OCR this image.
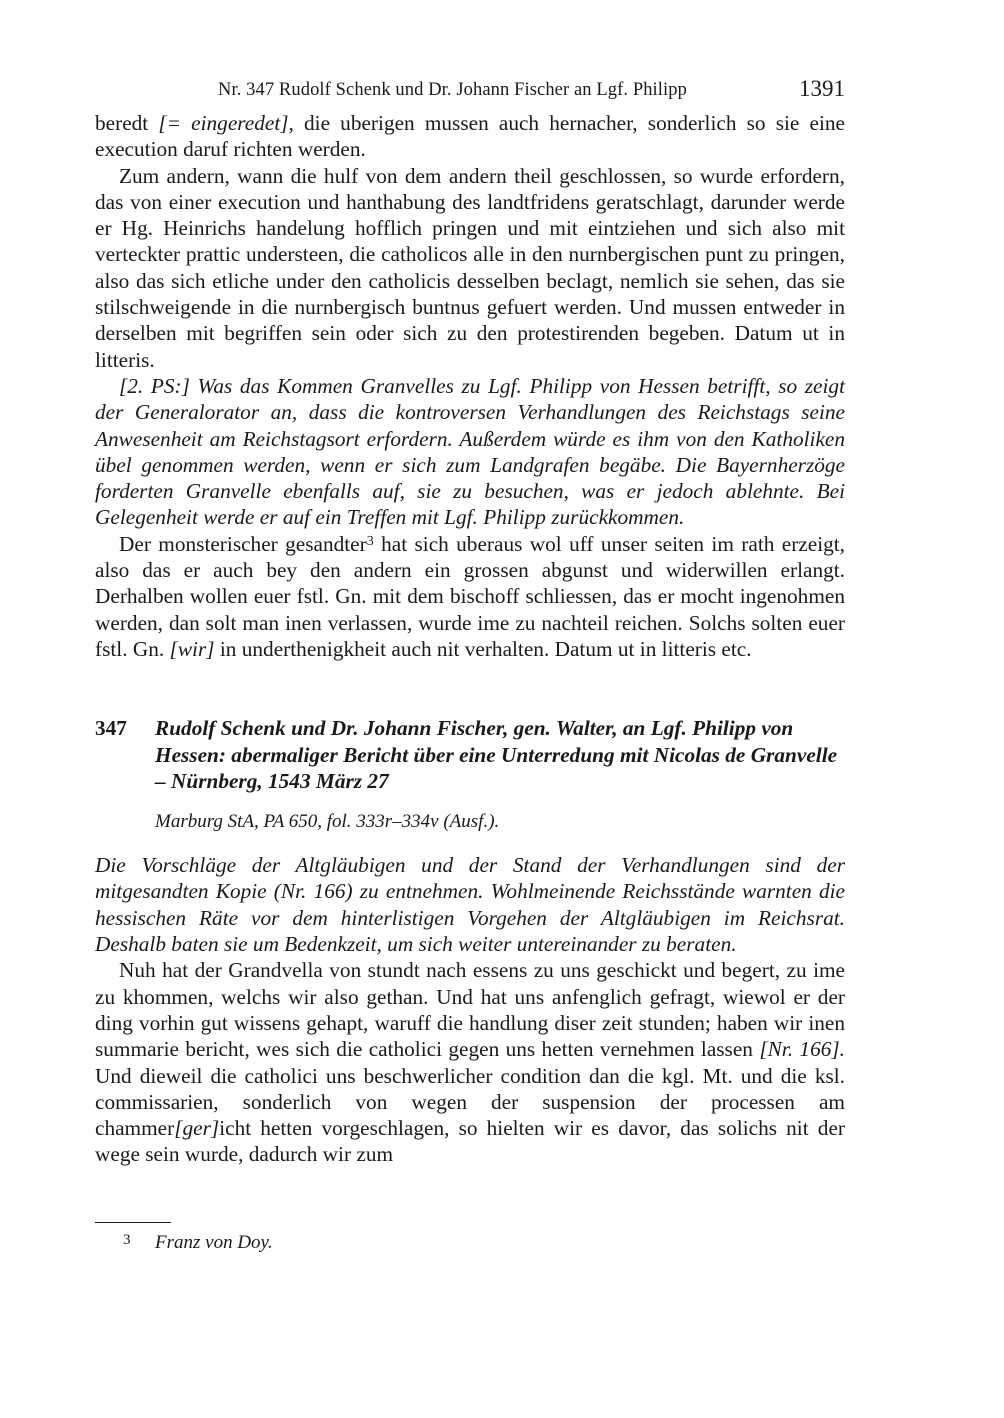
Nr. 347 Rudolf Schenk und Dr. Johann Fischer an Lgf. Philipp	1391

beredt [= eingeredet], die uberigen mussen auch hernacher, sonderlich so sie eine execution daruf richten werden.

Zum andern, wann die hulf von dem andern theil geschlossen, so wurde erfordern, das von einer execution und hanthabung des landtfridens geratschlagt, darunder werde er Hg. Heinrichs handelung hofflich pringen und mit eintziehen und sich also mit verteckter prattic understeen, die catholicos alle in den nurnbergischen punt zu pringen, also das sich etliche under den catholicis desselben beclagt, nemlich sie sehen, das sie stilschweigende in die nurnbergisch buntnus gefuert werden. Und mussen entweder in derselben mit begriffen sein oder sich zu den protestirenden begeben. Datum ut in litteris.

[2. PS:] Was das Kommen Granvelles zu Lgf. Philipp von Hessen betrifft, so zeigt der Generalorator an, dass die kontroversen Verhandlungen des Reichstags seine Anwesenheit am Reichstagsort erfordern. Außerdem würde es ihm von den Katholiken übel genommen werden, wenn er sich zum Landgrafen begäbe. Die Bayernherzöge forderten Granvelle ebenfalls auf, sie zu besuchen, was er jedoch ablehnte. Bei Gelegenheit werde er auf ein Treffen mit Lgf. Philipp zurückkommen.

Der monsterischer gesandter$^3$ hat sich uberaus wol uff unser seiten im rath erzeigt, also das er auch bey den andern ein grossen abgunst und widerwillen erlangt. Derhalben wollen euer fstl. Gn. mit dem bischoff schliessen, das er mocht ingenohmen werden, dan solt man inen verlassen, wurde ime zu nachteil reichen. Solchs solten euer fstl. Gn. [wir] in underthenigkheit auch nit verhalten. Datum ut in litteris etc.

347	Rudolf Schenk und Dr. Johann Fischer, gen. Walter, an Lgf. Philipp von Hessen: abermaliger Bericht über eine Unterredung mit Nicolas de Granvelle – Nürnberg, 1543 März 27
Marburg StA, PA 650, fol. 333r–334v (Ausf.).

Die Vorschläge der Altgläubigen und der Stand der Verhandlungen sind der mitgesandten Kopie (Nr. 166) zu entnehmen. Wohlmeinende Reichsstände warnten die hessischen Räte vor dem hinterlistigen Vorgehen der Altgläubigen im Reichsrat. Deshalb baten sie um Bedenkzeit, um sich weiter untereinander zu beraten.

Nuh hat der Grandvella von stundt nach essens zu uns geschickt und begert, zu ime zu khommen, welchs wir also gethan. Und hat uns anfenglich gefragt, wiewol er der ding vorhin gut wissens gehapt, waruff die handlung diser zeit stunden; haben wir inen summarie bericht, wes sich die catholici gegen uns hetten vernehmen lassen [Nr. 166]. Und dieweil die catholici uns beschwerlicher condition dan die kgl. Mt. und die ksl. commissarien, sonderlich von wegen der suspension der processen am chammer[ger]icht hetten vorgeschlagen, so hielten wir es davor, das solichs nit der wege sein wurde, dadurch wir zum

3 Franz von Doy.
